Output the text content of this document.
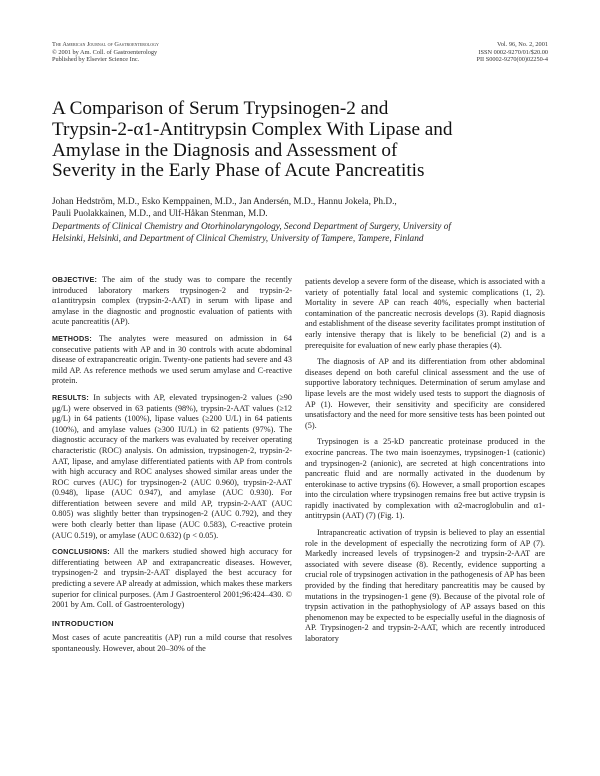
The American Journal of Gastroenterology
© 2001 by Am. Coll. of Gastroenterology
Published by Elsevier Science Inc.
Vol. 96, No. 2, 2001
ISSN 0002-9270/01/$20.00
PII S0002-9270(00)02250-4
A Comparison of Serum Trypsinogen-2 and
Trypsin-2-α1-Antitrypsin Complex With Lipase and
Amylase in the Diagnosis and Assessment of
Severity in the Early Phase of Acute Pancreatitis
Johan Hedström, M.D., Esko Kemppainen, M.D., Jan Andersén, M.D., Hannu Jokela, Ph.D.,
Pauli Puolakkainen, M.D., and Ulf-Håkan Stenman, M.D.
Departments of Clinical Chemistry and Otorhinolaryngology, Second Department of Surgery, University of
Helsinki, Helsinki, and Department of Clinical Chemistry, University of Tampere, Tampere, Finland

OBJECTIVE: The aim of the study was to compare the recently introduced laboratory markers trypsinogen-2 and trypsin-2-α1antitrypsin complex (trypsin-2-AAT) in serum with lipase and amylase in the diagnostic and prognostic evaluation of patients with acute pancreatitis (AP).

METHODS: The analytes were measured on admission in 64 consecutive patients with AP and in 30 controls with acute abdominal disease of extrapancreatic origin. Twenty-one patients had severe and 43 mild AP. As reference methods we used serum amylase and C-reactive protein.

RESULTS: In subjects with AP, elevated trypsinogen-2 values (≥90 μg/L) were observed in 63 patients (98%), trypsin-2-AAT values (≥12 μg/L) in 64 patients (100%), lipase values (≥200 U/L) in 64 patients (100%), and amylase values (≥300 IU/L) in 62 patients (97%). The diagnostic accuracy of the markers was evaluated by receiver operating characteristic (ROC) analysis. On admission, trypsinogen-2, trypsin-2-AAT, lipase, and amylase differentiated patients with AP from controls with high accuracy and ROC analyses showed similar areas under the ROC curves (AUC) for trypsinogen-2 (AUC 0.960), trypsin-2-AAT (0.948), lipase (AUC 0.947), and amylase (AUC 0.930). For differentiation between severe and mild AP, trypsin-2-AAT (AUC 0.805) was slightly better than trypsinogen-2 (AUC 0.792), and they were both clearly better than lipase (AUC 0.583), C-reactive protein (AUC 0.519), or amylase (AUC 0.632) (p < 0.05).

CONCLUSIONS: All the markers studied showed high accuracy for differentiating between AP and extrapancreatic diseases. However, trypsinogen-2 and trypsin-2-AAT displayed the best accuracy for predicting a severe AP already at admission, which makes these markers superior for clinical purposes. (Am J Gastroenterol 2001;96:424–430. © 2001 by Am. Coll. of Gastroenterology)

INTRODUCTION

Most cases of acute pancreatitis (AP) run a mild course that resolves spontaneously. However, about 20–30% of the

patients develop a severe form of the disease, which is associated with a variety of potentially fatal local and systemic complications (1, 2). Mortality in severe AP can reach 40%, especially when bacterial contamination of the pancreatic necrosis develops (3). Rapid diagnosis and establishment of the disease severity facilitates prompt institution of early intensive therapy that is likely to be beneficial (2) and is a prerequisite for evaluation of new early phase therapies (4).

The diagnosis of AP and its differentiation from other abdominal diseases depend on both careful clinical assessment and the use of supportive laboratory techniques. Determination of serum amylase and lipase levels are the most widely used tests to support the diagnosis of AP (1). However, their sensitivity and specificity are considered unsatisfactory and the need for more sensitive tests has been pointed out (5).

Trypsinogen is a 25-kD pancreatic proteinase produced in the exocrine pancreas. The two main isoenzymes, trypsinogen-1 (cationic) and trypsinogen-2 (anionic), are secreted at high concentrations into pancreatic fluid and are normally activated in the duodenum by enterokinase to active trypsins (6). However, a small proportion escapes into the circulation where trypsinogen remains free but active trypsin is rapidly inactivated by complexation with α2-macroglobulin and α1-antitrypsin (AAT) (7) (Fig. 1).

Intrapancreatic activation of trypsin is believed to play an essential role in the development of especially the necrotizing form of AP (7). Markedly increased levels of trypsinogen-2 and trypsin-2-AAT are associated with severe disease (8). Recently, evidence supporting a crucial role of trypsinogen activation in the pathogenesis of AP has been provided by the finding that hereditary pancreatitis may be caused by mutations in the trypsinogen-1 gene (9). Because of the pivotal role of trypsin activation in the pathophysiology of AP assays based on this phenomenon may be expected to be especially useful in the diagnosis of AP. Trypsinogen-2 and trypsin-2-AAT, which are recently introduced laboratory
